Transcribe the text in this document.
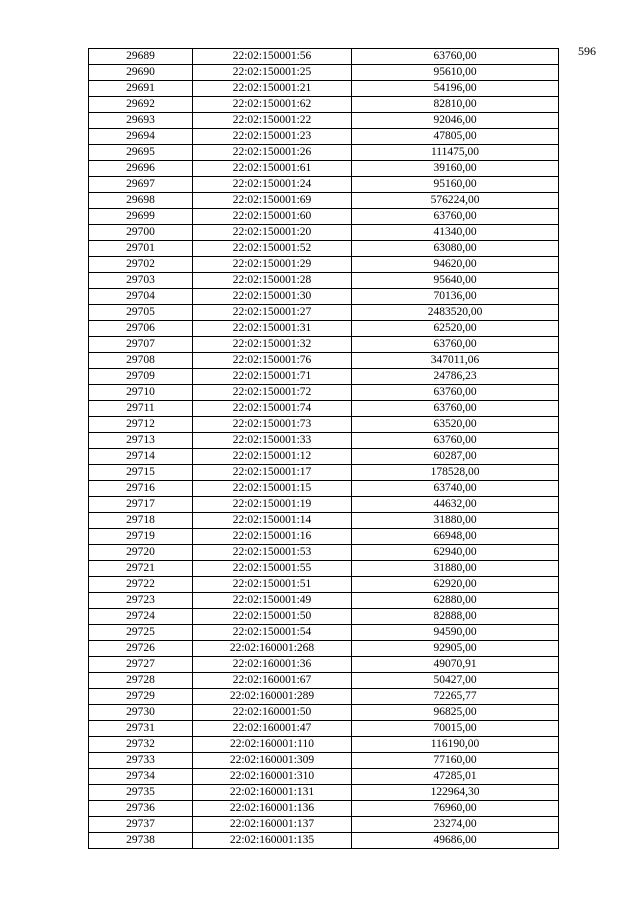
596
29689	22:02:150001:56	63760,00
29690	22:02:150001:25	95610,00
29691	22:02:150001:21	54196,00
29692	22:02:150001:62	82810,00
29693	22:02:150001:22	92046,00
29694	22:02:150001:23	47805,00
29695	22:02:150001:26	111475,00
29696	22:02:150001:61	39160,00
29697	22:02:150001:24	95160,00
29698	22:02:150001:69	576224,00
29699	22:02:150001:60	63760,00
29700	22:02:150001:20	41340,00
29701	22:02:150001:52	63080,00
29702	22:02:150001:29	94620,00
29703	22:02:150001:28	95640,00
29704	22:02:150001:30	70136,00
29705	22:02:150001:27	2483520,00
29706	22:02:150001:31	62520,00
29707	22:02:150001:32	63760,00
29708	22:02:150001:76	347011,06
29709	22:02:150001:71	24786,23
29710	22:02:150001:72	63760,00
29711	22:02:150001:74	63760,00
29712	22:02:150001:73	63520,00
29713	22:02:150001:33	63760,00
29714	22:02:150001:12	60287,00
29715	22:02:150001:17	178528,00
29716	22:02:150001:15	63740,00
29717	22:02:150001:19	44632,00
29718	22:02:150001:14	31880,00
29719	22:02:150001:16	66948,00
29720	22:02:150001:53	62940,00
29721	22:02:150001:55	31880,00
29722	22:02:150001:51	62920,00
29723	22:02:150001:49	62880,00
29724	22:02:150001:50	82888,00
29725	22:02:150001:54	94590,00
29726	22:02:160001:268	92905,00
29727	22:02:160001:36	49070,91
29728	22:02:160001:67	50427,00
29729	22:02:160001:289	72265,77
29730	22:02:160001:50	96825,00
29731	22:02:160001:47	70015,00
29732	22:02:160001:110	116190,00
29733	22:02:160001:309	77160,00
29734	22:02:160001:310	47285,01
29735	22:02:160001:131	122964,30
29736	22:02:160001:136	76960,00
29737	22:02:160001:137	23274,00
29738	22:02:160001:135	49686,00
